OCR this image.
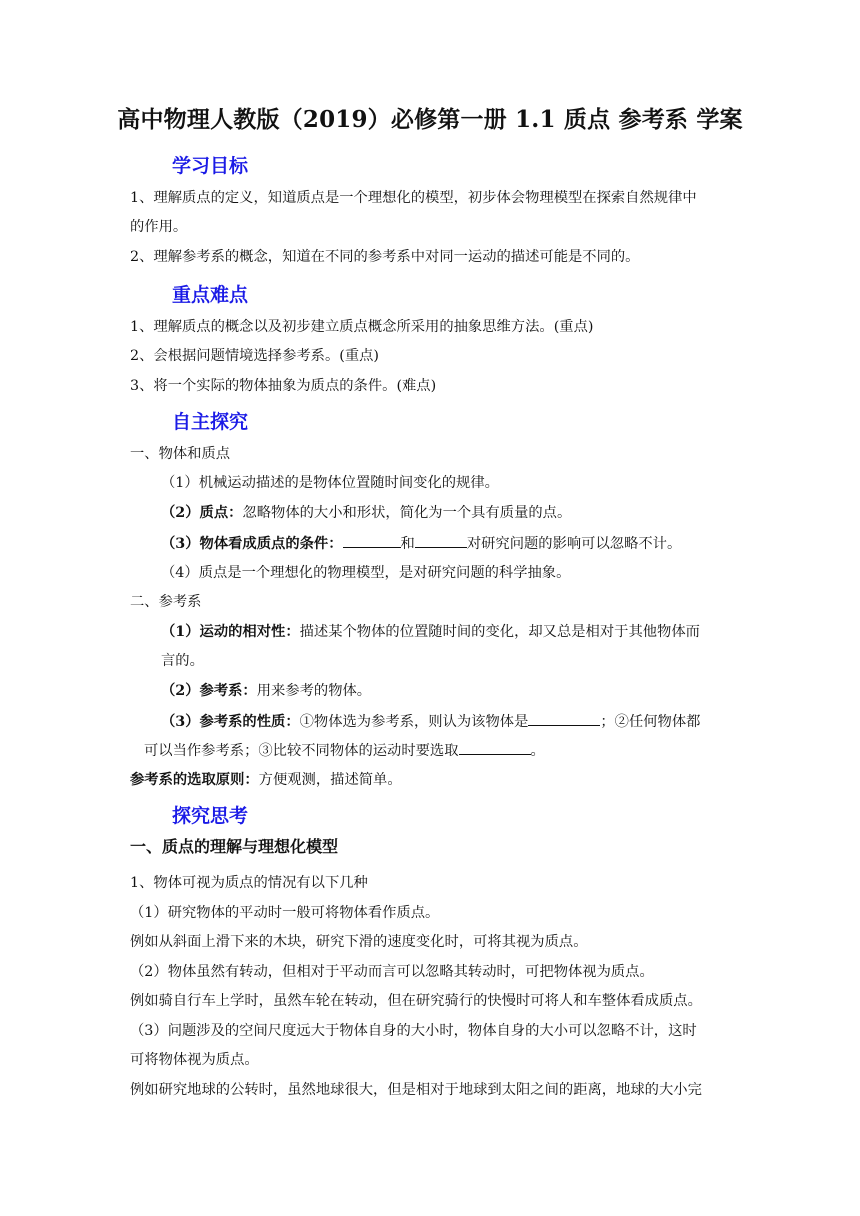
高中物理人教版（2019）必修第一册 1.1 质点 参考系 学案
学习目标
1、理解质点的定义，知道质点是一个理想化的模型，初步体会物理模型在探索自然规律中
的作用。
2、理解参考系的概念，知道在不同的参考系中对同一运动的描述可能是不同的。
重点难点
1、理解质点的概念以及初步建立质点概念所采用的抽象思维方法。(重点)
2、会根据问题情境选择参考系。(重点)
3、将一个实际的物体抽象为质点的条件。(难点)
自主探究
一、物体和质点
（1）机械运动描述的是物体位置随时间变化的规律。
（2）质点：忽略物体的大小和形状，简化为一个具有质量的点。
（3）物体看成质点的条件：	和	对研究问题的影响可以忽略不计。
（4）质点是一个理想化的物理模型，是对研究问题的科学抽象。
二、参考系
（1）运动的相对性：描述某个物体的位置随时间的变化，却又总是相对于其他物体而
言的。
（2）参考系：用来参考的物体。
（3）参考系的性质：①物体选为参考系，则认为该物体是	；②任何物体都
可以当作参考系；③比较不同物体的运动时要选取	。
参考系的选取原则：方便观测，描述简单。
探究思考
一、质点的理解与理想化模型
1、物体可视为质点的情况有以下几种
（1）研究物体的平动时一般可将物体看作质点。
例如从斜面上滑下来的木块，研究下滑的速度变化时，可将其视为质点。
（2）物体虽然有转动，但相对于平动而言可以忽略其转动时，可把物体视为质点。
例如骑自行车上学时，虽然车轮在转动，但在研究骑行的快慢时可将人和车整体看成质点。
（3）问题涉及的空间尺度远大于物体自身的大小时，物体自身的大小可以忽略不计，这时
可将物体视为质点。
例如研究地球的公转时，虽然地球很大，但是相对于地球到太阳之间的距离，地球的大小完
